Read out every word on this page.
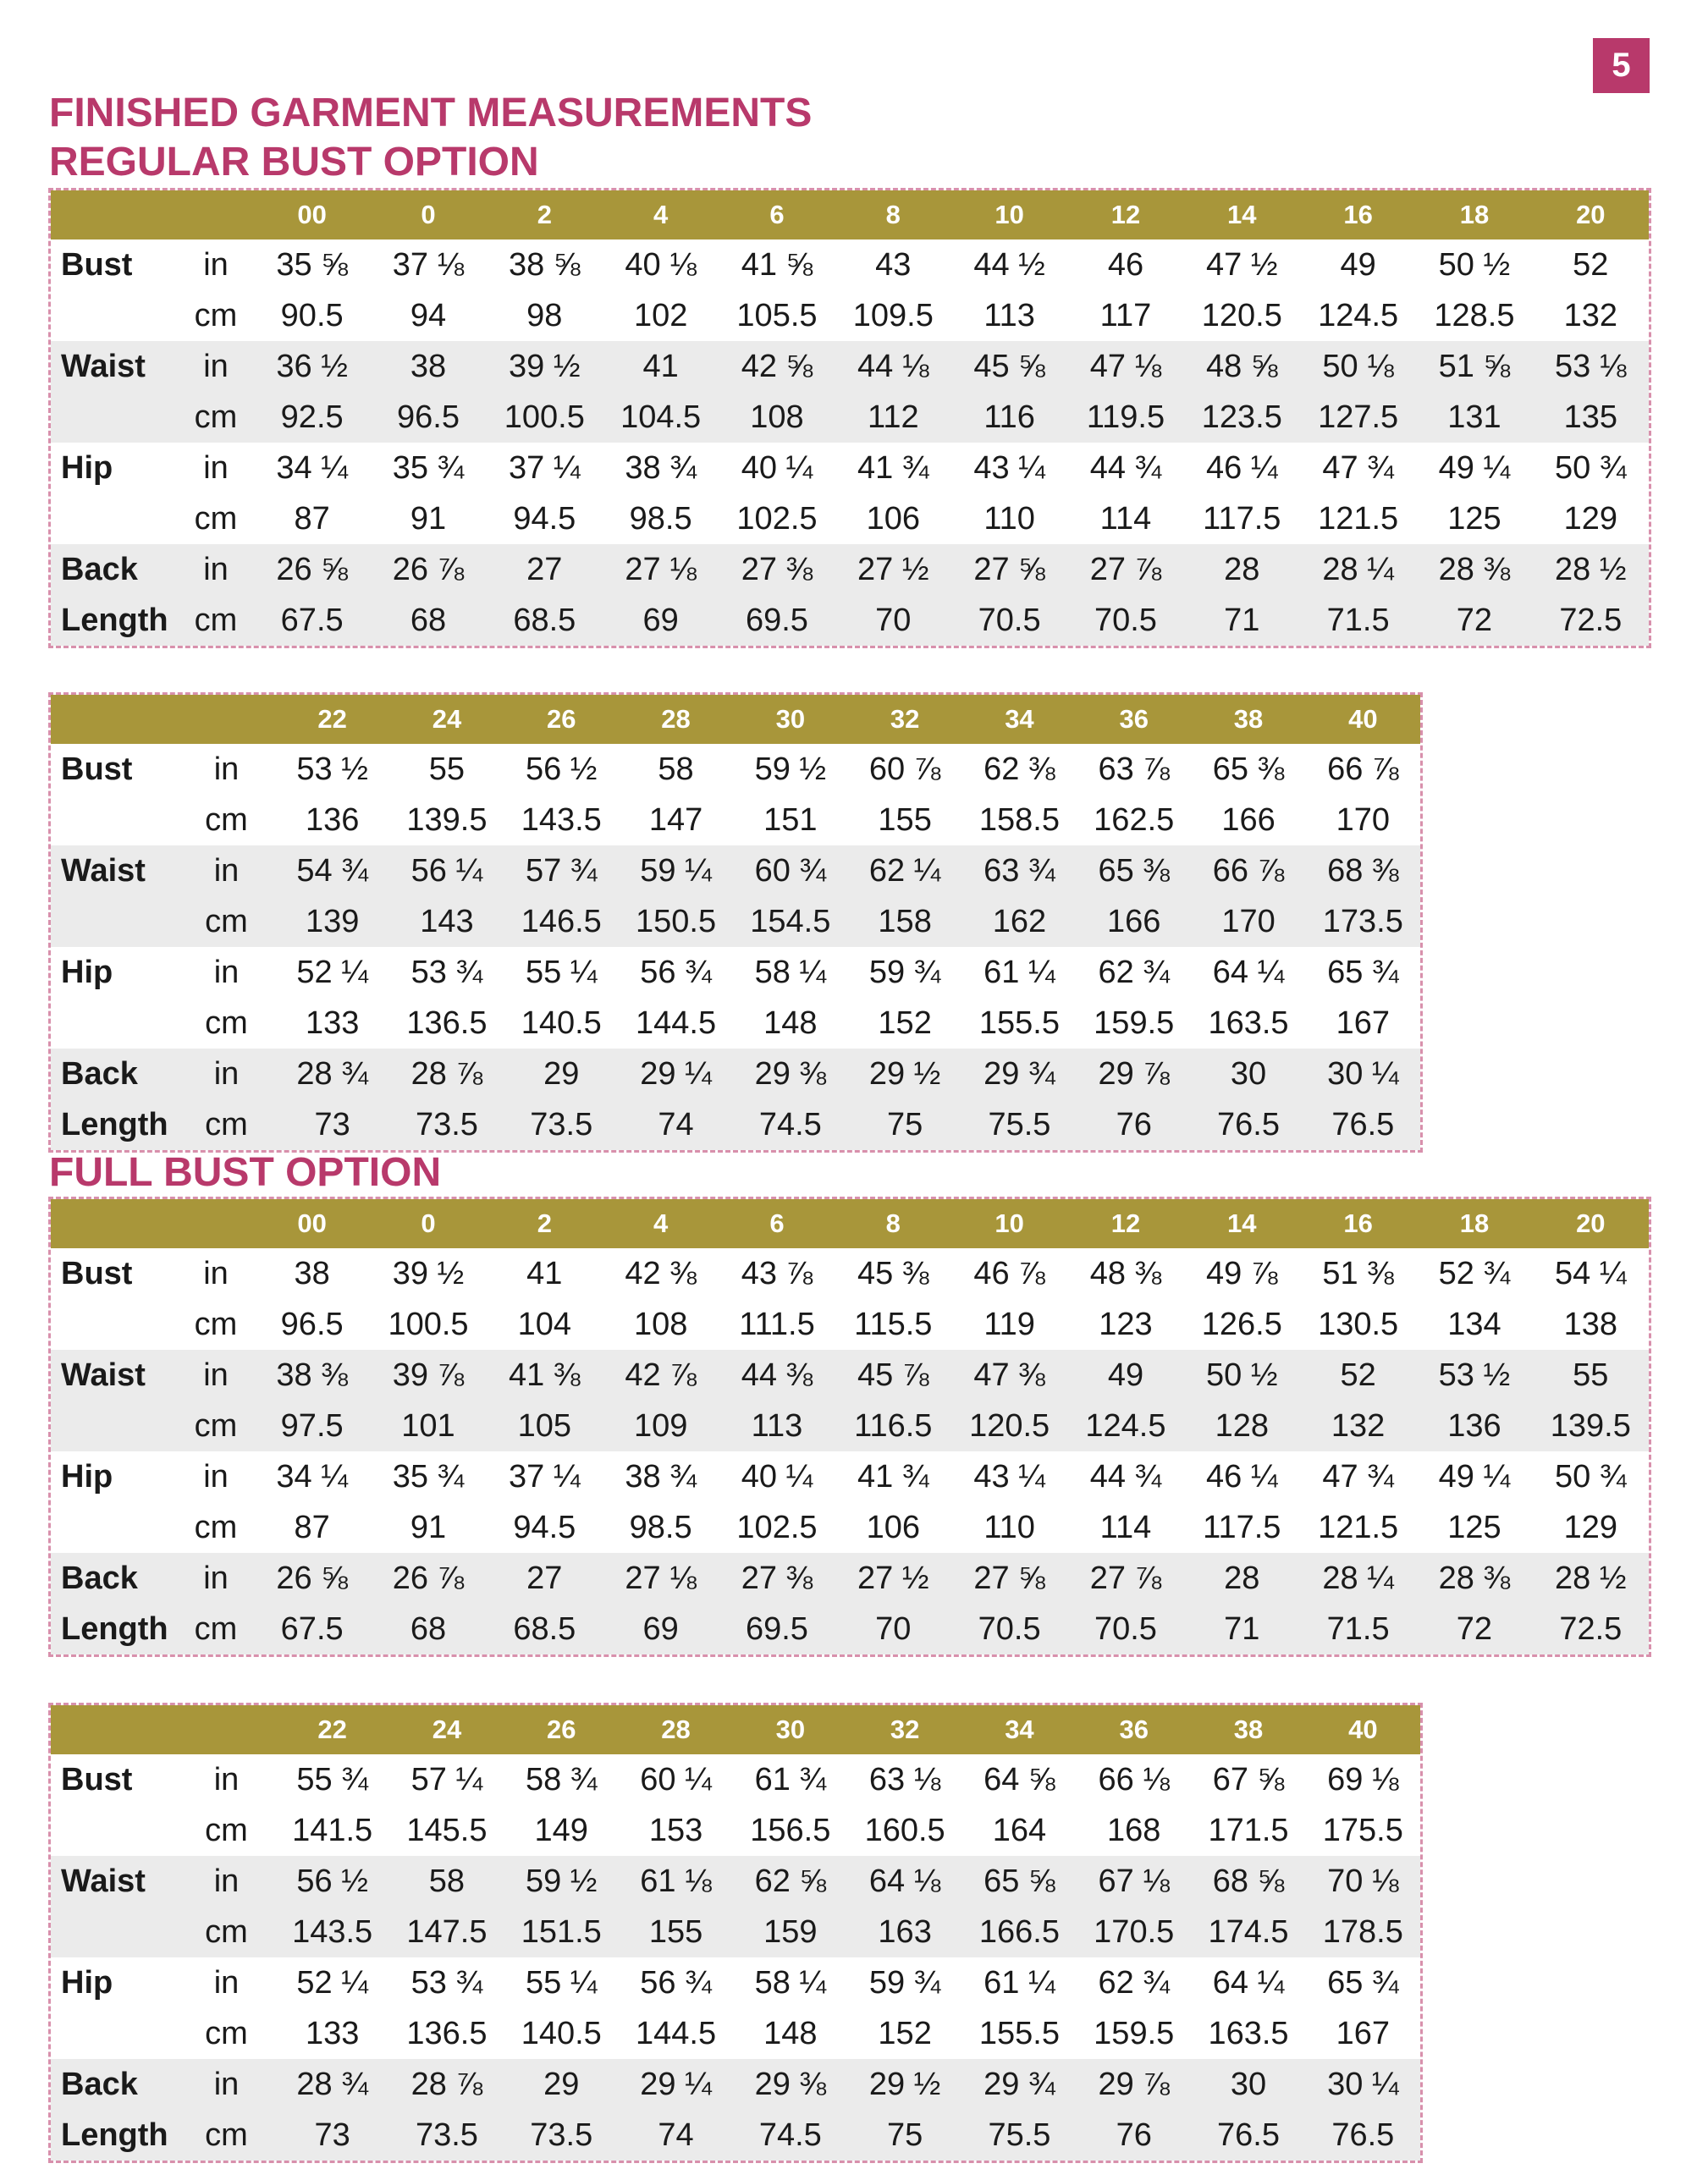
5
FINISHED GARMENT MEASUREMENTS
REGULAR BUST OPTION
		00	0	2	4	6	8	10	12	14	16	18	20
Bust	in	35 ⅝	37 ⅛	38 ⅝	40 ⅛	41 ⅝	43	44 ½	46	47 ½	49	50 ½	52
	cm	90.5	94	98	102	105.5	109.5	113	117	120.5	124.5	128.5	132
Waist	in	36 ½	38	39 ½	41	42 ⅝	44 ⅛	45 ⅝	47 ⅛	48 ⅝	50 ⅛	51 ⅝	53 ⅛
	cm	92.5	96.5	100.5	104.5	108	112	116	119.5	123.5	127.5	131	135
Hip	in	34 ¼	35 ¾	37 ¼	38 ¾	40 ¼	41 ¾	43 ¼	44 ¾	46 ¼	47 ¾	49 ¼	50 ¾
	cm	87	91	94.5	98.5	102.5	106	110	114	117.5	121.5	125	129
Back	in	26 ⅝	26 ⅞	27	27 ⅛	27 ⅜	27 ½	27 ⅝	27 ⅞	28	28 ¼	28 ⅜	28 ½
Length	cm	67.5	68	68.5	69	69.5	70	70.5	70.5	71	71.5	72	72.5
		22	24	26	28	30	32	34	36	38	40
Bust	in	53 ½	55	56 ½	58	59 ½	60 ⅞	62 ⅜	63 ⅞	65 ⅜	66 ⅞
	cm	136	139.5	143.5	147	151	155	158.5	162.5	166	170
Waist	in	54 ¾	56 ¼	57 ¾	59 ¼	60 ¾	62 ¼	63 ¾	65 ⅜	66 ⅞	68 ⅜
	cm	139	143	146.5	150.5	154.5	158	162	166	170	173.5
Hip	in	52 ¼	53 ¾	55 ¼	56 ¾	58 ¼	59 ¾	61 ¼	62 ¾	64 ¼	65 ¾
	cm	133	136.5	140.5	144.5	148	152	155.5	159.5	163.5	167
Back	in	28 ¾	28 ⅞	29	29 ¼	29 ⅜	29 ½	29 ¾	29 ⅞	30	30 ¼
Length	cm	73	73.5	73.5	74	74.5	75	75.5	76	76.5	76.5
FULL BUST OPTION
		00	0	2	4	6	8	10	12	14	16	18	20
Bust	in	38	39 ½	41	42 ⅜	43 ⅞	45 ⅜	46 ⅞	48 ⅜	49 ⅞	51 ⅜	52 ¾	54 ¼
	cm	96.5	100.5	104	108	111.5	115.5	119	123	126.5	130.5	134	138
Waist	in	38 ⅜	39 ⅞	41 ⅜	42 ⅞	44 ⅜	45 ⅞	47 ⅜	49	50 ½	52	53 ½	55
	cm	97.5	101	105	109	113	116.5	120.5	124.5	128	132	136	139.5
Hip	in	34 ¼	35 ¾	37 ¼	38 ¾	40 ¼	41 ¾	43 ¼	44 ¾	46 ¼	47 ¾	49 ¼	50 ¾
	cm	87	91	94.5	98.5	102.5	106	110	114	117.5	121.5	125	129
Back	in	26 ⅝	26 ⅞	27	27 ⅛	27 ⅜	27 ½	27 ⅝	27 ⅞	28	28 ¼	28 ⅜	28 ½
Length	cm	67.5	68	68.5	69	69.5	70	70.5	70.5	71	71.5	72	72.5
		22	24	26	28	30	32	34	36	38	40
Bust	in	55 ¾	57 ¼	58 ¾	60 ¼	61 ¾	63 ⅛	64 ⅝	66 ⅛	67 ⅝	69 ⅛
	cm	141.5	145.5	149	153	156.5	160.5	164	168	171.5	175.5
Waist	in	56 ½	58	59 ½	61 ⅛	62 ⅝	64 ⅛	65 ⅝	67 ⅛	68 ⅝	70 ⅛
	cm	143.5	147.5	151.5	155	159	163	166.5	170.5	174.5	178.5
Hip	in	52 ¼	53 ¾	55 ¼	56 ¾	58 ¼	59 ¾	61 ¼	62 ¾	64 ¼	65 ¾
	cm	133	136.5	140.5	144.5	148	152	155.5	159.5	163.5	167
Back	in	28 ¾	28 ⅞	29	29 ¼	29 ⅜	29 ½	29 ¾	29 ⅞	30	30 ¼
Length	cm	73	73.5	73.5	74	74.5	75	75.5	76	76.5	76.5
